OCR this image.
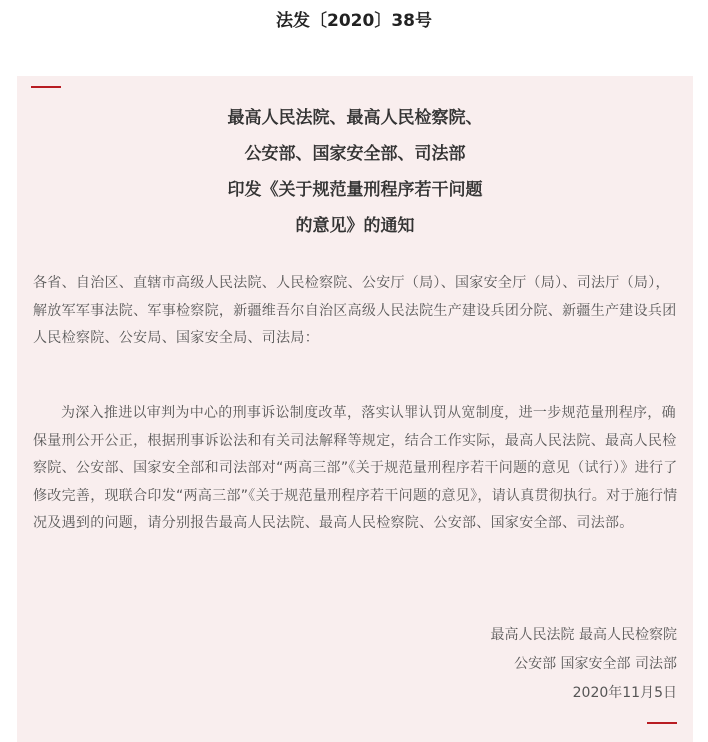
法发〔2020〕38号
最高人民法院、最高人民检察院、
公安部、国家安全部、司法部
印发《关于规范量刑程序若干问题
的意见》的通知
各省、自治区、直辖市高级人民法院、人民检察院、公安厅（局）、国家安全厅（局）、司法厅（局），解放军军事法院、军事检察院，新疆维吾尔自治区高级人民法院生产建设兵团分院、新疆生产建设兵团人民检察院、公安局、国家安全局、司法局：
为深入推进以审判为中心的刑事诉讼制度改革，落实认罪认罚从宽制度，进一步规范量刑程序，确保量刑公开公正，根据刑事诉讼法和有关司法解释等规定，结合工作实际，最高人民法院、最高人民检察院、公安部、国家安全部和司法部对“两高三部”《关于规范量刑程序若干问题的意见（试行）》进行了修改完善，现联合印发“两高三部”《关于规范量刑程序若干问题的意见》，请认真贯彻执行。对于施行情况及遇到的问题，请分别报告最高人民法院、最高人民检察院、公安部、国家安全部、司法部。
最高人民法院 最高人民检察院
公安部 国家安全部 司法部
2020年11月5日
